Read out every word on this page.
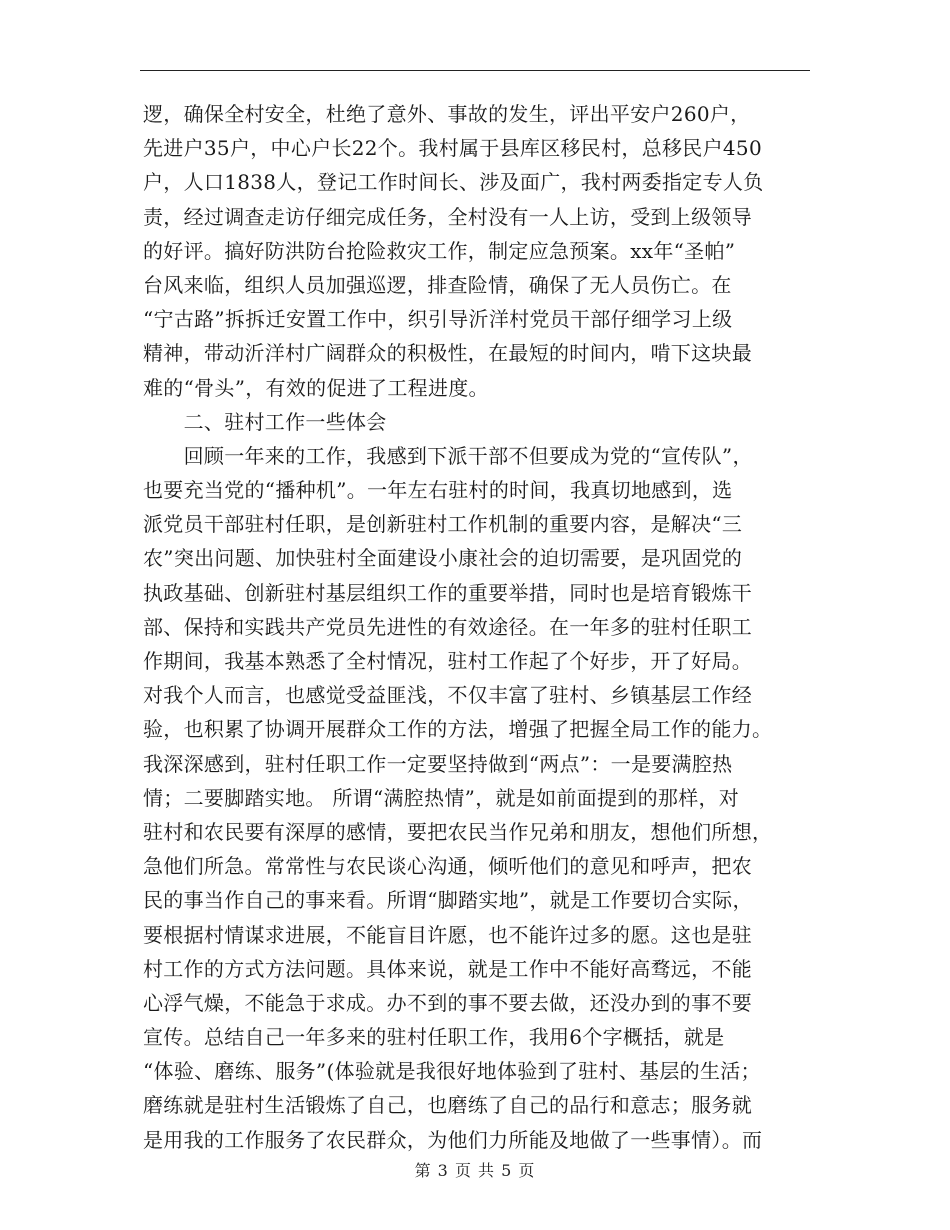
逻，确保全村安全，杜绝了意外、事故的发生，评出平安户260户，
先进户35户，中心户长22个。我村属于县库区移民村，总移民户450
户，人口1838人，登记工作时间长、涉及面广，我村两委指定专人负
责，经过调查走访仔细完成任务，全村没有一人上访，受到上级领导
的好评。搞好防洪防台抢险救灾工作，制定应急预案。xx年“圣帕”
台风来临，组织人员加强巡逻，排查险情，确保了无人员伤亡。在
“宁古路”拆拆迁安置工作中，织引导沂洋村党员干部仔细学习上级
精神，带动沂洋村广阔群众的积极性，在最短的时间内，啃下这块最
难的“骨头”，有效的促进了工程进度。
　　二、驻村工作一些体会
　　回顾一年来的工作，我感到下派干部不但要成为党的“宣传队”，
也要充当党的“播种机”。一年左右驻村的时间，我真切地感到，选
派党员干部驻村任职，是创新驻村工作机制的重要内容，是解决“三
农”突出问题、加快驻村全面建设小康社会的迫切需要，是巩固党的
执政基础、创新驻村基层组织工作的重要举措，同时也是培育锻炼干
部、保持和实践共产党员先进性的有效途径。在一年多的驻村任职工
作期间，我基本熟悉了全村情况，驻村工作起了个好步，开了好局。
对我个人而言，也感觉受益匪浅，不仅丰富了驻村、乡镇基层工作经
验，也积累了协调开展群众工作的方法，增强了把握全局工作的能力。
我深深感到，驻村任职工作一定要坚持做到“两点”：一是要满腔热
情；二要脚踏实地。 所谓“满腔热情”，就是如前面提到的那样，对
驻村和农民要有深厚的感情，要把农民当作兄弟和朋友，想他们所想，
急他们所急。常常性与农民谈心沟通，倾听他们的意见和呼声，把农
民的事当作自己的事来看。所谓“脚踏实地”，就是工作要切合实际，
要根据村情谋求进展，不能盲目许愿，也不能许过多的愿。这也是驻
村工作的方式方法问题。具体来说，就是工作中不能好高骛远，不能
心浮气燥，不能急于求成。办不到的事不要去做，还没办到的事不要
宣传。总结自己一年多来的驻村任职工作，我用6个字概括，就是
“体验、磨练、服务”(体验就是我很好地体验到了驻村、基层的生活；
磨练就是驻村生活锻炼了自己，也磨练了自己的品行和意志；服务就
是用我的工作服务了农民群众，为他们力所能及地做了一些事情）。而
第 3 页 共 5 页
